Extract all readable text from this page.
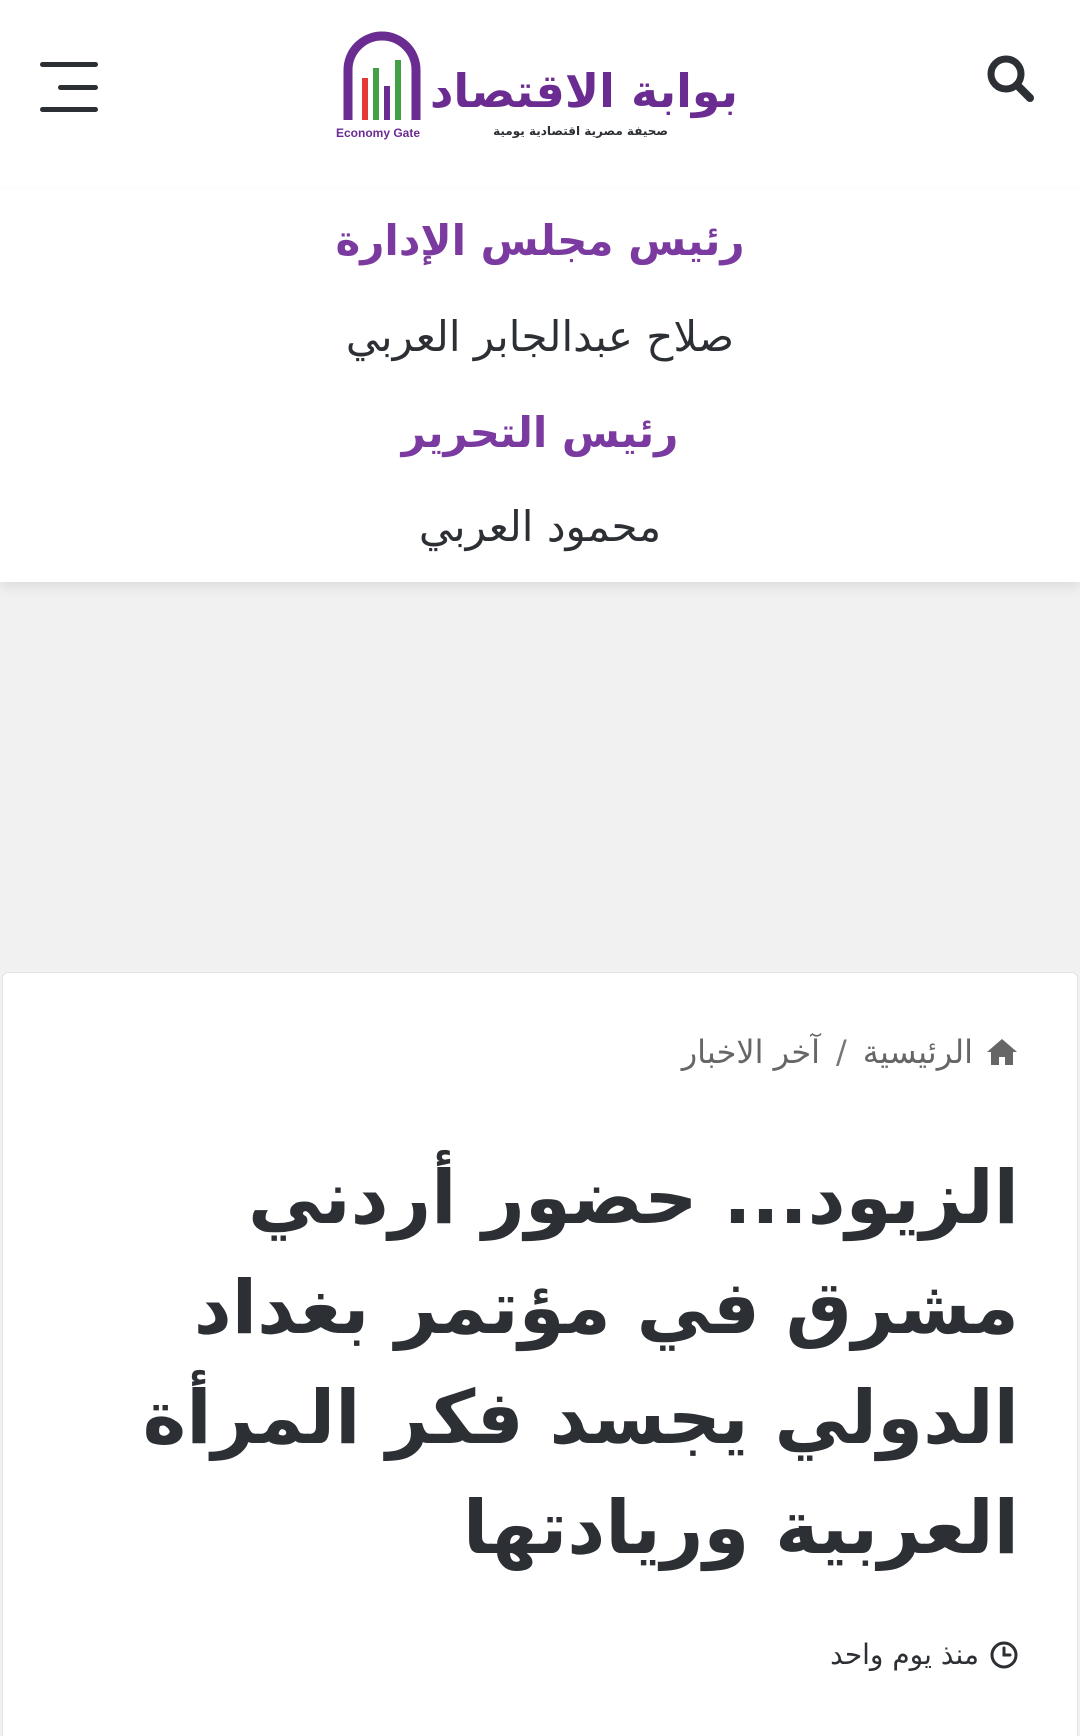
Economy Gate
بوابة الاقتصاد
صحيفة مصرية اقتصادية يومية
رئيس مجلس الإدارة
صلاح عبدالجابر العربي
رئيس التحرير
محمود العربي
الرئيسية
/
آخر الاخبار
الزيود... حضور أردني مشرق في مؤتمر بغداد الدولي يجسد فكر المرأة العربية وريادتها
منذ يوم واحد
